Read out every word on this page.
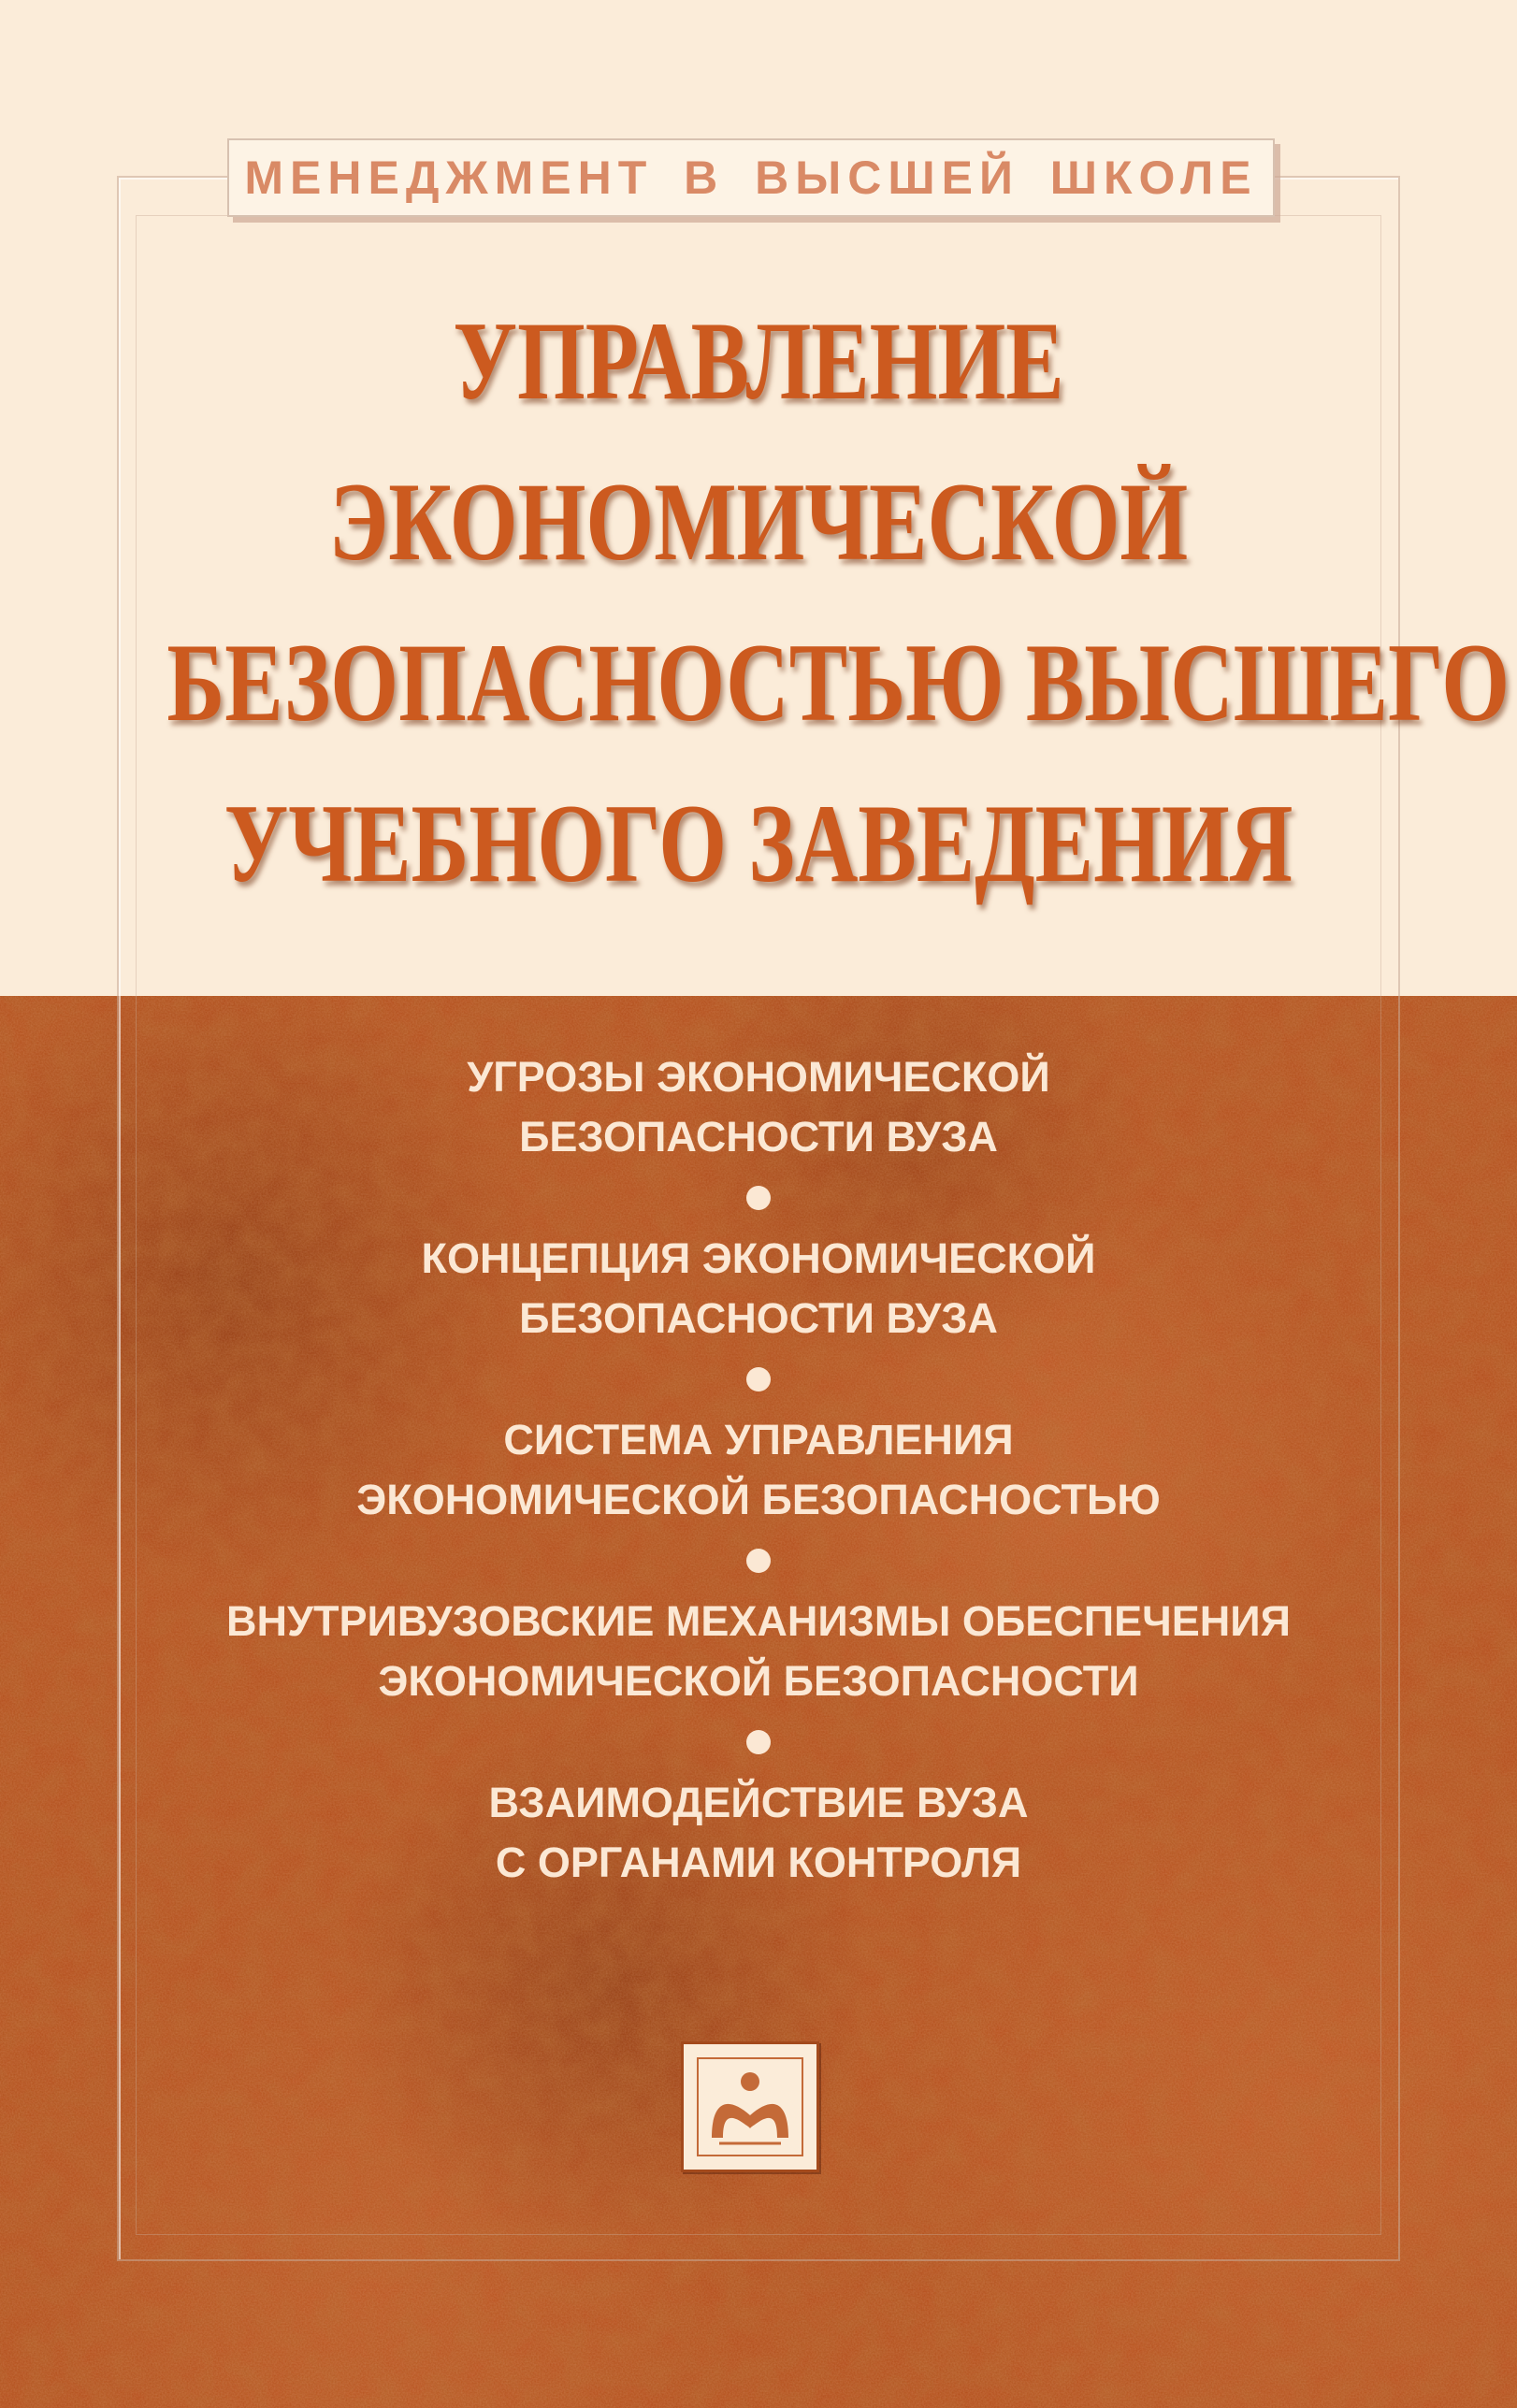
МЕНЕДЖМЕНТ В ВЫСШЕЙ ШКОЛЕ
УПРАВЛЕНИЕ
ЭКОНОМИЧЕСКОЙ
БЕЗОПАСНОСТЬЮ ВЫСШЕГО
УЧЕБНОГО ЗАВЕДЕНИЯ
УГРОЗЫ ЭКОНОМИЧЕСКОЙ
БЕЗОПАСНОСТИ ВУЗА
КОНЦЕПЦИЯ ЭКОНОМИЧЕСКОЙ
БЕЗОПАСНОСТИ ВУЗА
СИСТЕМА УПРАВЛЕНИЯ
ЭКОНОМИЧЕСКОЙ БЕЗОПАСНОСТЬЮ
ВНУТРИВУЗОВСКИЕ МЕХАНИЗМЫ ОБЕСПЕЧЕНИЯ
ЭКОНОМИЧЕСКОЙ БЕЗОПАСНОСТИ
ВЗАИМОДЕЙСТВИЕ ВУЗА
С ОРГАНАМИ КОНТРОЛЯ
